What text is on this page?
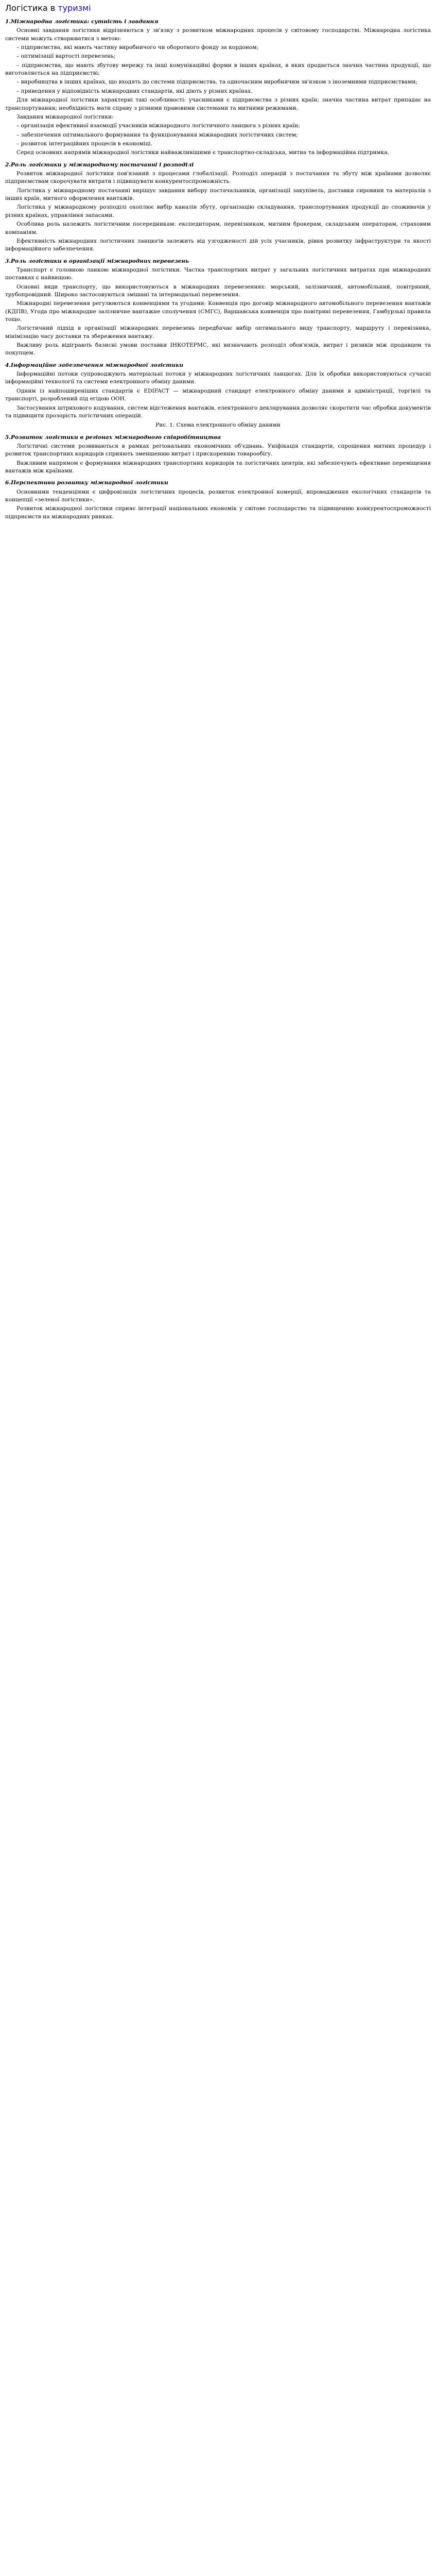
Логістика в туризмі
1.Міжнародна логістика: сутність і завдання

Основні завдання логістики відрізняються у зв'язку з розвитком міжнародних процесів у світовому господарстві. Міжнародна логістика системи можуть створюватися з метою:

– підприємства, які мають частину виробничого чи оборотного фонду за кордоном;

– оптимізації вартості перевезень;

– підприємства, що мають збутову мережу та інші комунікаційні форми в інших країнах, в яких продається значна частина продукції, що виготовляється на підприємстві;

– виробництва в інших країнах, що входять до системи підприємства, та одночасним виробничим зв'язком з іноземними підприємствами;

– приведення у відповідність міжнародних стандартів, які діють у різних країнах.

Для міжнародної логістики характерні такі особливості: учасниками є підприємства з різних країн; значна частина витрат припадає на транспортування; необхідність мати справу з різними правовими системами та митними режимами.

Завдання міжнародної логістики:

– організація ефективної взаємодії учасників міжнародного логістичного ланцюга з різних країн;

– забезпечення оптимального формування та функціонування міжнародних логістичних систем;

– розвиток інтеграційних процесів в економіці.

Серед основних напрямів міжнародної логістики найважливішими є транспортно-складська, митна та інформаційна підтримка.

2.Роль логістики у міжнародному постачанні і розподілі

Розвиток міжнародної логістики пов'язаний з процесами глобалізації. Розподіл операцій з постачання та збуту між країнами дозволяє підприємствам скорочувати витрати і підвищувати конкурентоспроможність.

Логістика у міжнародному постачанні вирішує завдання вибору постачальників, організації закупівель, доставки сировини та матеріалів з інших країн, митного оформлення вантажів.

Логістика у міжнародному розподілі охоплює вибір каналів збуту, організацію складування, транспортування продукції до споживачів у різних країнах, управління запасами.

Особлива роль належить логістичним посередникам: експедиторам, перевізникам, митним брокерам, складським операторам, страховим компаніям.

Ефективність міжнародних логістичних ланцюгів залежить від узгодженості дій усіх учасників, рівня розвитку інфраструктури та якості інформаційного забезпечення.

3.Роль логістики в організації міжнародних перевезень

Транспорт є головною ланкою міжнародної логістики. Частка транспортних витрат у загальних логістичних витратах при міжнародних поставках є найвищою.

Основні види транспорту, що використовуються в міжнародних перевезеннях: морський, залізничний, автомобільний, повітряний, трубопровідний. Широко застосовуються змішані та інтермодальні перевезення.

Міжнародні перевезення регулюються конвенціями та угодами: Конвенція про договір міжнародного автомобільного перевезення вантажів (КДПВ), Угода про міжнародне залізничне вантажне сполучення (СМГС), Варшавська конвенція про повітряні перевезення, Гамбурзькі правила тощо.

Логістичний підхід в організації міжнародних перевезень передбачає вибір оптимального виду транспорту, маршруту і перевізника, мінімізацію часу доставки та збереження вантажу.

Важливу роль відіграють базисні умови поставки ІНКОТЕРМС, які визначають розподіл обов'язків, витрат і ризиків між продавцем та покупцем.

4.Інформаційне забезпечення міжнародної логістики

Інформаційні потоки супроводжують матеріальні потоки у міжнародних логістичних ланцюгах. Для їх обробки використовуються сучасні інформаційні технології та системи електронного обміну даними.

Одним із найпоширеніших стандартів є EDIFACT — міжнародний стандарт електронного обміну даними в адміністрації, торгівлі та транспорті, розроблений під егідою ООН.

Застосування штрихового кодування, систем відстеження вантажів, електронного декларування дозволяє скоротити час обробки документів та підвищити прозорість логістичних операцій.

Рис. 1. Схема електронного обміну даними

5.Розвиток логістики в регіонах міжнародного співробітництва

Логістичні системи розвиваються в рамках регіональних економічних об'єднань. Уніфікація стандартів, спрощення митних процедур і розвиток транспортних коридорів сприяють зменшенню витрат і прискоренню товарообігу.

Важливим напрямом є формування міжнародних транспортних коридорів та логістичних центрів, які забезпечують ефективне переміщення вантажів між країнами.

6.Перспективи розвитку міжнародної логістики

Основними тенденціями є цифровізація логістичних процесів, розвиток електронної комерції, впровадження екологічних стандартів та концепції «зеленої логістики».

Розвиток міжнародної логістики сприяє інтеграції національних економік у світове господарство та підвищенню конкурентоспроможності підприємств на міжнародних ринках.
